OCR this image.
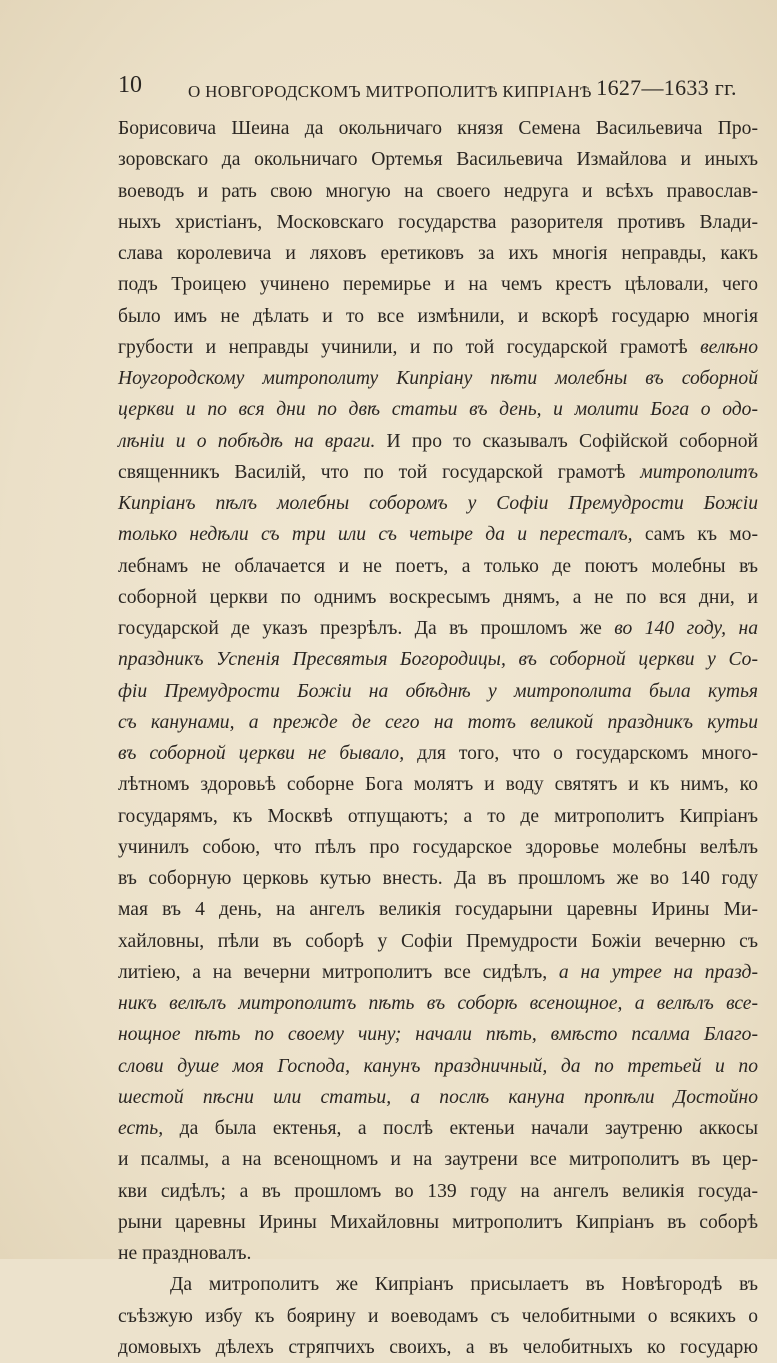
10	О НОВГОРОДСКОМЪ МИТРОПОЛИТѢ КИПРІАНѢ 1627—1633 гг.
Борисовича Шеина да окольничаго князя Семена Васильевича Про-
зоровскаго да окольничаго Ортемья Васильевича Измайлова и иныхъ
воеводъ и рать свою многую на своего недруга и всѣхъ православ-
ныхъ христіанъ, Московскаго государства разорителя противъ Влади-
слава королевича и ляховъ еретиковъ за ихъ многія неправды, какъ
подъ Троицею учинено перемирье и на чемъ крестъ цѣловали, чего
было имъ не дѣлать и то все измѣнили, и вскорѣ государю многія
грубости и неправды учинили, и по той государской грамотѣ велѣно
Ноугородскому митрополиту Кипріану пѣти молебны въ соборной
церкви и по вся дни по двѣ статьи въ день, и молити Бога о одо-
лѣніи и о побѣдѣ на враги. И про то сказывалъ Софійской соборной
священникъ Василій, что по той государской грамотѣ митрополитъ
Кипріанъ пѣлъ молебны соборомъ у Софіи Премудрости Божіи
только недѣли съ три или съ четыре да и пересталъ, самъ къ мо-
лебнамъ не облачается и не поетъ, а только де поютъ молебны въ
соборной церкви по однимъ воскресымъ днямъ, а не по вся дни, и
государской де указъ презрѣлъ. Да въ прошломъ же во 140 году, на
праздникъ Успенія Пресвятыя Богородицы, въ соборной церкви у Со-
фіи Премудрости Божіи на обѣднѣ у митрополита была кутья
съ канунами, а прежде де сего на тотъ великой праздникъ кутьи
въ соборной церкви не бывало, для того, что о государскомъ много-
лѣтномъ здоровьѣ соборне Бога молятъ и воду святятъ и къ нимъ, ко
государямъ, къ Москвѣ отпущаютъ; а то де митрополитъ Кипріанъ
учинилъ собою, что пѣлъ про государское здоровье молебны велѣлъ
въ соборную церковь кутью внесть. Да въ прошломъ же во 140 году
мая въ 4 день, на ангелъ великія государыни царевны Ирины Ми-
хайловны, пѣли въ соборѣ у Софіи Премудрости Божіи вечерню съ
литіею, а на вечерни митрополитъ все сидѣлъ, а на утрее на празд-
никъ велѣлъ митрополитъ пѣть въ соборѣ всенощное, а велѣлъ все-
нощное пѣть по своему чину; начали пѣть, вмѣсто псалма Благо-
слови душе моя Господа, канунъ праздничный, да по третьей и по
шестой пѣсни или статьи, а послѣ кануна пропѣли Достойно
есть, да была ектенья, а послѣ ектеньи начали заутреню аккосы
и псалмы, а на всенощномъ и на заутрени все митрополитъ въ цер-
кви сидѣлъ; а въ прошломъ во 139 году на ангелъ великія госуда-
рыни царевны Ирины Михайловны митрополитъ Кипріанъ въ соборѣ
не праздновалъ.
Да митрополитъ же Кипріанъ присылаетъ въ Новѣгородѣ въ
съѣзжую избу къ боярину и воеводамъ съ челобитными о всякихъ о
домовыхъ дѣлехъ стряпчихъ своихъ, а въ челобитныхъ ко государю
